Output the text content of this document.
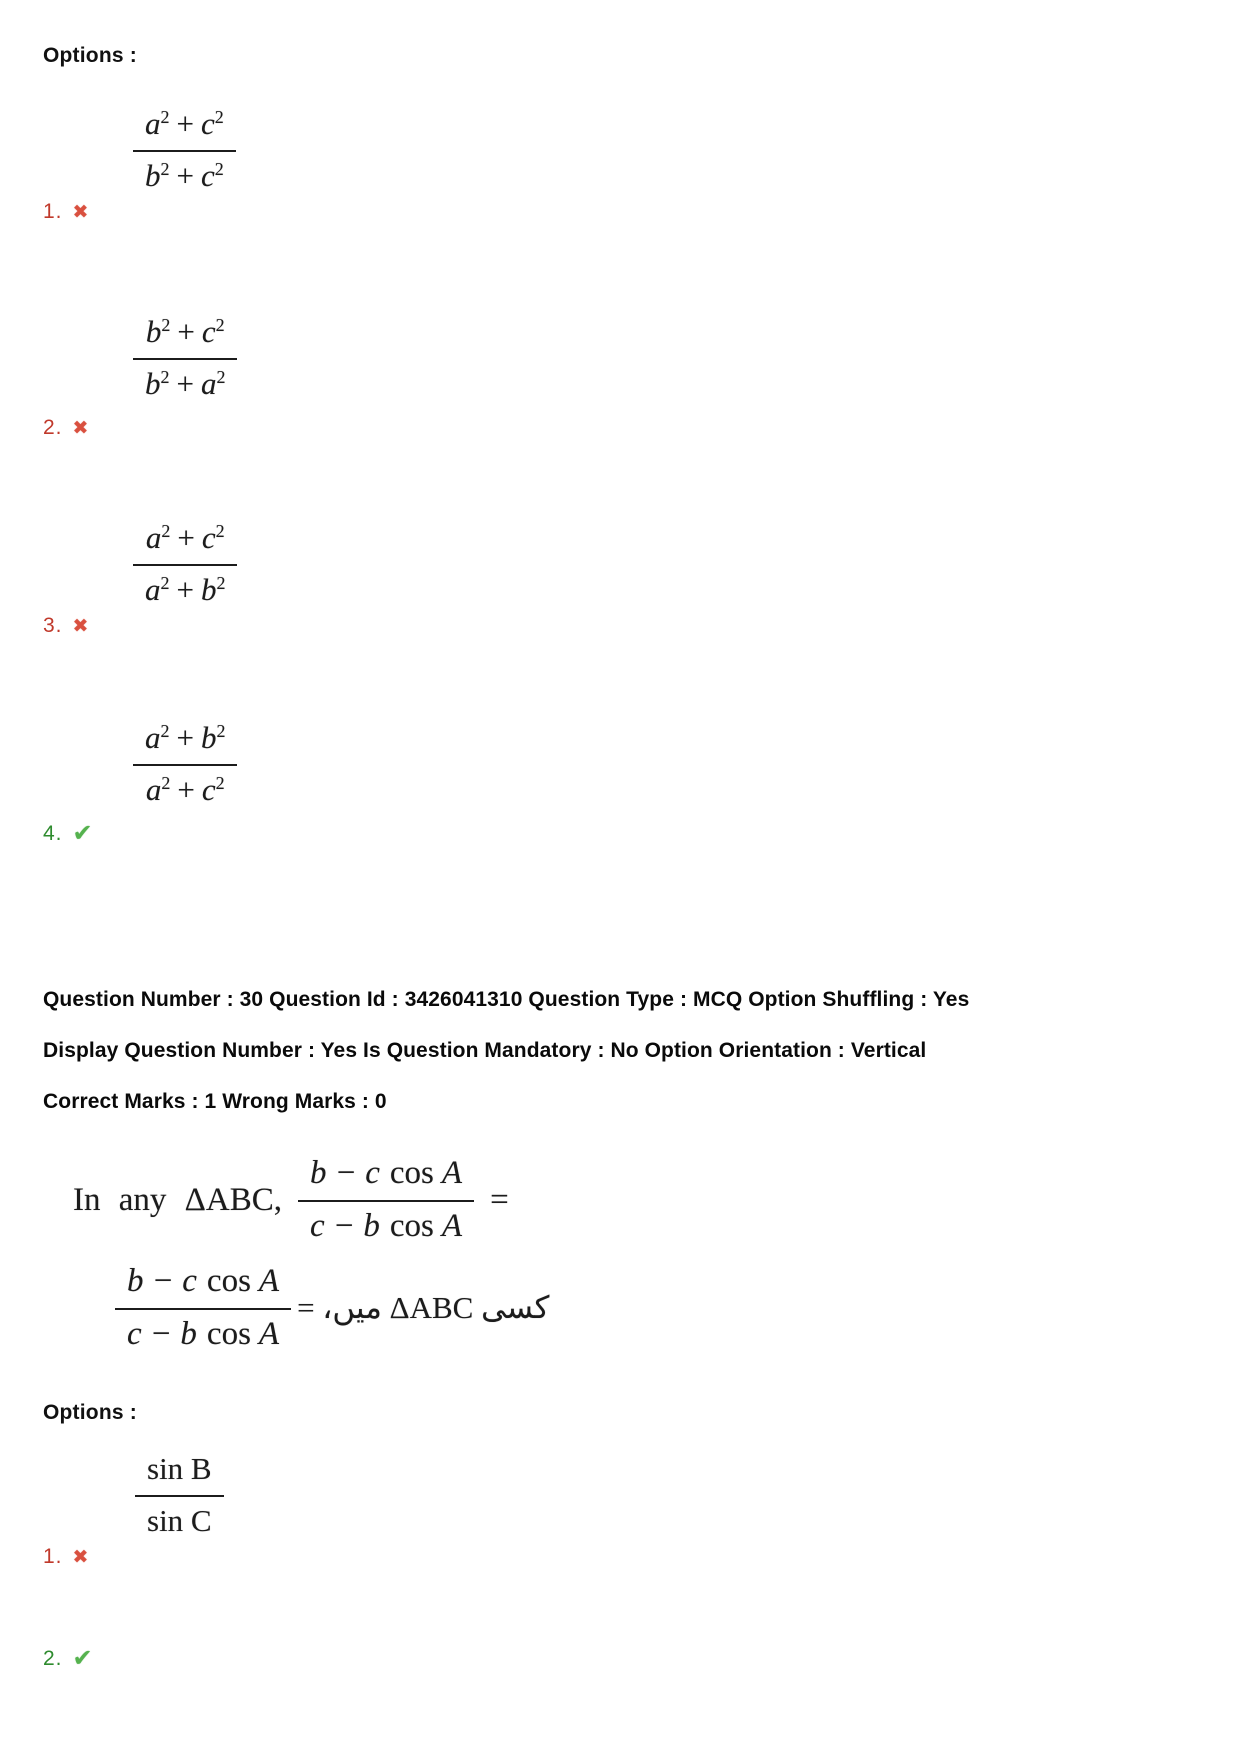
Options :
$\frac{a^2 + c^2}{b^2 + c^2}$
1. ✖
$\frac{b^2 + c^2}{b^2 + a^2}$
2. ✖
$\frac{a^2 + c^2}{a^2 + b^2}$
3. ✖
$\frac{a^2 + b^2}{a^2 + c^2}$
4. ✔
Question Number : 30 Question Id : 3426041310 Question Type : MCQ Option Shuffling : Yes
Display Question Number : Yes Is Question Mandatory : No Option Orientation : Vertical
Correct Marks : 1 Wrong Marks : 0
In any ΔABC, $\frac{\text{b − c cos A}}{\text{c − b cos A}}$ =
$\frac{\text{b − c cos A}}{\text{c − b cos A}}$ کسی ΔABC میں، =
Options :
$\frac{\text{sin B}}{\text{sin C}}$
1. ✖
2. ✔
